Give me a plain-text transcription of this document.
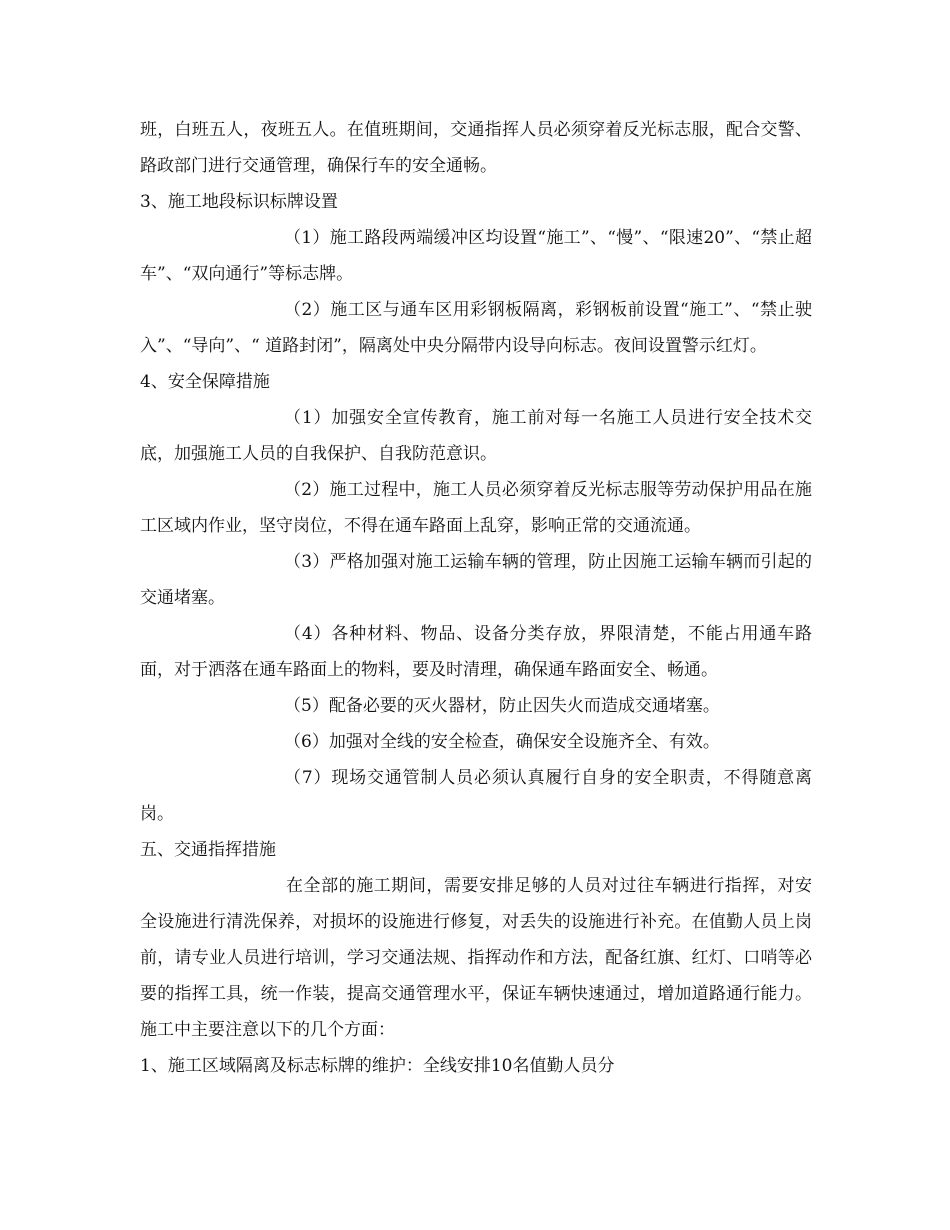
班，白班五人，夜班五人。在值班期间，交通指挥人员必须穿着反光标志服，配合交警、路政部门进行交通管理，确保行车的安全通畅。

3、施工地段标识标牌设置

（1）施工路段两端缓冲区均设置“施工”、“慢”、“限速20”、“禁止超车”、“双向通行”等标志牌。

（2）施工区与通车区用彩钢板隔离，彩钢板前设置“施工”、“禁止驶入”、“导向”、“ 道路封闭”，隔离处中央分隔带内设导向标志。夜间设置警示红灯。

4、安全保障措施

（1）加强安全宣传教育，施工前对每一名施工人员进行安全技术交底，加强施工人员的自我保护、自我防范意识。

（2）施工过程中，施工人员必须穿着反光标志服等劳动保护用品在施工区域内作业，坚守岗位，不得在通车路面上乱穿，影响正常的交通流通。

（3）严格加强对施工运输车辆的管理，防止因施工运输车辆而引起的交通堵塞。

（4）各种材料、物品、设备分类存放，界限清楚，不能占用通车路面，对于洒落在通车路面上的物料，要及时清理，确保通车路面安全、畅通。

（5）配备必要的灭火器材，防止因失火而造成交通堵塞。

（6）加强对全线的安全检查，确保安全设施齐全、有效。

（7）现场交通管制人员必须认真履行自身的安全职责，不得随意离岗。

五、交通指挥措施

在全部的施工期间，需要安排足够的人员对过往车辆进行指挥，对安全设施进行清洗保养，对损坏的设施进行修复，对丢失的设施进行补充。在值勤人员上岗前，请专业人员进行培训，学习交通法规、指挥动作和方法，配备红旗、红灯、口哨等必要的指挥工具，统一作装，提高交通管理水平，保证车辆快速通过，增加道路通行能力。施工中主要注意以下的几个方面：

1、施工区域隔离及标志标牌的维护：全线安排10名值勤人员分
